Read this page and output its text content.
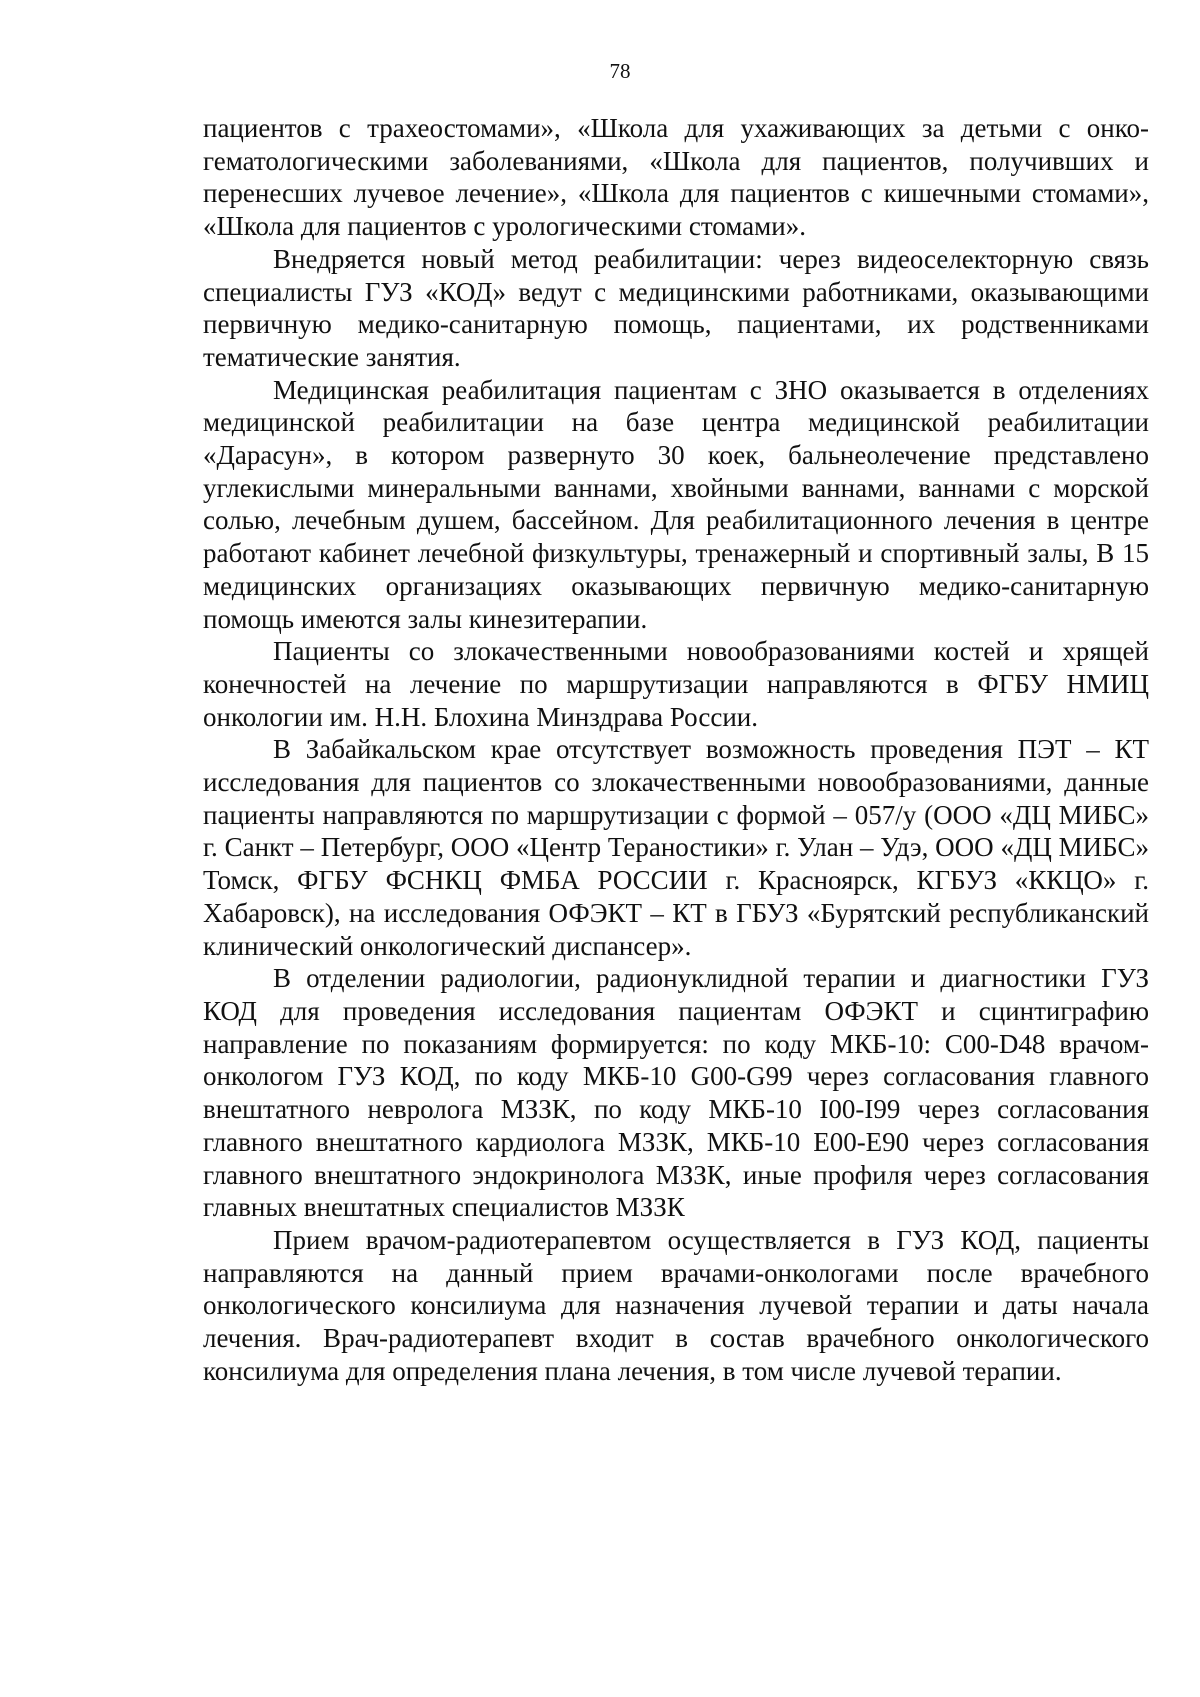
78

пациентов с трахеостомами», «Школа для ухаживающих за детьми с онко-гематологическими заболеваниями, «Школа для пациентов, получивших и перенесших лучевое лечение», «Школа для пациентов с кишечными стомами», «Школа для пациентов с урологическими стомами».

Внедряется новый метод реабилитации: через видеоселекторную связь специалисты ГУЗ «КОД» ведут с медицинскими работниками, оказывающими первичную медико-санитарную помощь, пациентами, их родственниками тематические занятия.

Медицинская реабилитация пациентам с ЗНО оказывается в отделениях медицинской реабилитации на базе центра медицинской реабилитации «Дарасун», в котором развернуто 30 коек, бальнеолечение представлено углекислыми минеральными ваннами, хвойными ваннами, ваннами с морской солью, лечебным душем, бассейном. Для реабилитационного лечения в центре работают кабинет лечебной физкультуры, тренажерный и спортивный залы, В 15 медицинских организациях оказывающих первичную медико-санитарную помощь имеются залы кинезитерапии.

Пациенты со злокачественными новообразованиями костей и хрящей конечностей на лечение по маршрутизации направляются в ФГБУ НМИЦ онкологии им. Н.Н. Блохина Минздрава России.

В Забайкальском крае отсутствует возможность проведения ПЭТ – КТ исследования для пациентов со злокачественными новообразованиями, данные пациенты направляются по маршрутизации с формой – 057/у (ООО «ДЦ МИБС» г. Санкт – Петербург, ООО «Центр Тераностики» г. Улан – Удэ, ООО «ДЦ МИБС» Томск, ФГБУ ФСНКЦ ФМБА РОССИИ г. Красноярск, КГБУЗ «ККЦО» г. Хабаровск), на исследования ОФЭКТ – КТ в ГБУЗ «Бурятский республиканский клинический онкологический диспансер».

В отделении радиологии, радионуклидной терапии и диагностики ГУЗ КОД для проведения исследования пациентам ОФЭКТ и сцинтиграфию направление по показаниям формируется: по коду МКБ-10: С00-D48 врачом-онкологом ГУЗ КОД, по коду МКБ-10 G00-G99 через согласования главного внештатного невролога МЗЗК, по коду МКБ-10 I00-I99 через согласования главного внештатного кардиолога МЗЗК, МКБ-10 E00-E90 через согласования главного внештатного эндокринолога МЗЗК, иные профиля через согласования главных внештатных специалистов МЗЗК

Прием врачом-радиотерапевтом осуществляется в ГУЗ КОД, пациенты направляются на данный прием врачами-онкологами после врачебного онкологического консилиума для назначения лучевой терапии и даты начала лечения. Врач-радиотерапевт входит в состав врачебного онкологического консилиума для определения плана лечения, в том числе лучевой терапии.
